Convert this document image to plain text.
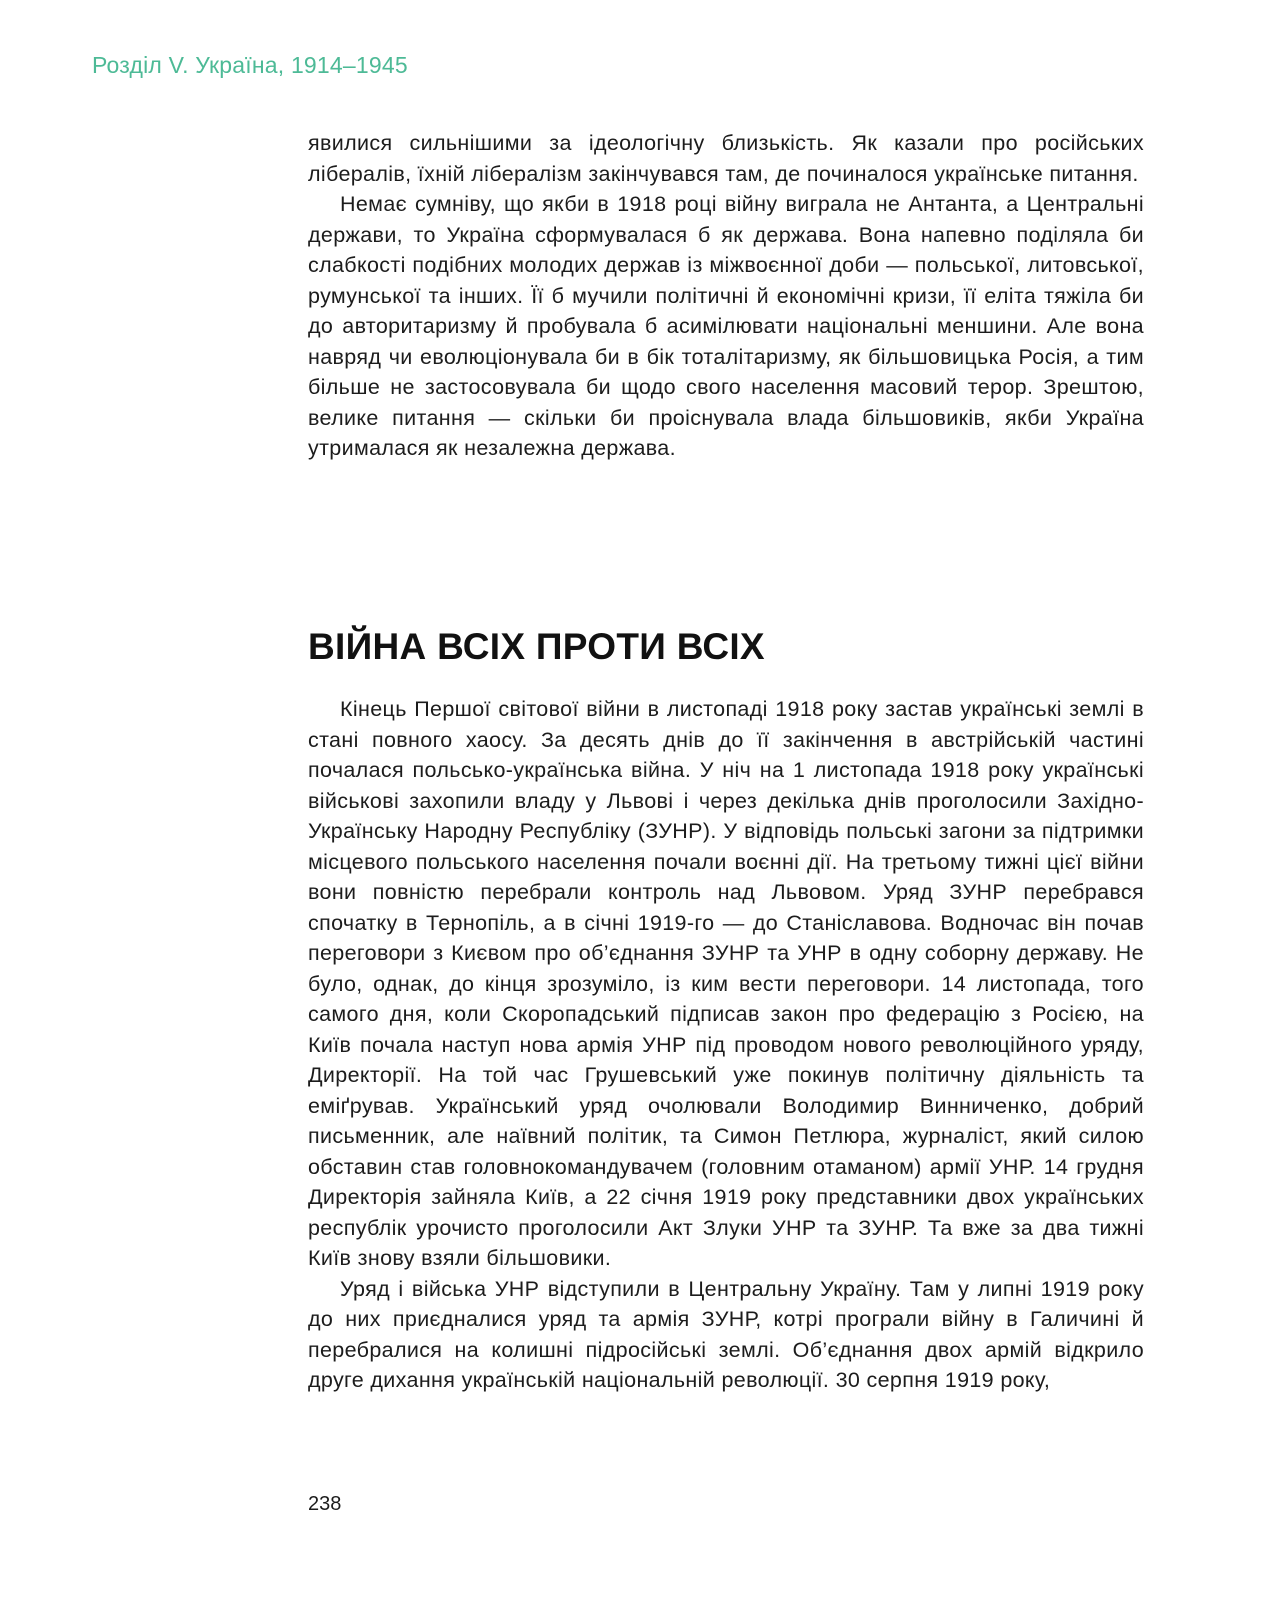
Розділ V. Україна, 1914–1945

явилися сильнішими за ідеологічну близькість. Як казали про російських лібералів, їхній лібералізм закінчувався там, де починалося українське питання.

Немає сумніву, що якби в 1918 році війну виграла не Антанта, а Центральні держави, то Україна сформувалася б як держава. Вона напевно поділяла би слабкості подібних молодих держав із міжвоєнної доби — польської, литовської, румунської та інших. Її б мучили політичні й економічні кризи, її еліта тяжіла би до авторитаризму й пробувала б асимілювати національні меншини. Але вона навряд чи еволюціонувала би в бік тоталітаризму, як більшовицька Росія, а тим більше не застосовувала би щодо свого населення масовий терор. Зрештою, велике питання — скільки би проіснувала влада більшовиків, якби Україна утрималася як незалежна держава.

ВІЙНА ВСІХ ПРОТИ ВСІХ

Кінець Першої світової війни в листопаді 1918 року застав українські землі в стані повного хаосу. За десять днів до її закінчення в австрійській частині почалася польсько-українська війна. У ніч на 1 листопада 1918 року українські військові захопили владу у Львові і через декілька днів проголосили Західно-Українську Народну Республіку (ЗУНР). У відповідь польські загони за підтримки місцевого польського населення почали воєнні дії. На третьому тижні цієї війни вони повністю перебрали контроль над Львовом. Уряд ЗУНР перебрався спочатку в Тернопіль, а в січні 1919-го — до Станіславова. Водночас він почав переговори з Києвом про об’єднання ЗУНР та УНР в одну соборну державу. Не було, однак, до кінця зрозуміло, із ким вести переговори. 14 листопада, того самого дня, коли Скоропадський підписав закон про федерацію з Росією, на Київ почала наступ нова армія УНР під проводом нового революційного уряду, Директорії. На той час Грушевський уже покинув політичну діяльність та еміґрував. Український уряд очолювали Володимир Винниченко, добрий письменник, але наївний політик, та Симон Петлюра, журналіст, який силою обставин став головнокомандувачем (головним отаманом) армії УНР. 14 грудня Директорія зайняла Київ, а 22 січня 1919 року представники двох українських республік урочисто проголосили Акт Злуки УНР та ЗУНР. Та вже за два тижні Київ знову взяли більшовики.

Уряд і війська УНР відступили в Центральну Україну. Там у липні 1919 року до них приєдналися уряд та армія ЗУНР, котрі програли війну в Галичині й перебралися на колишні підросійські землі. Об’єднання двох армій відкрило друге дихання українській національній революції. 30 серпня 1919 року,

238
